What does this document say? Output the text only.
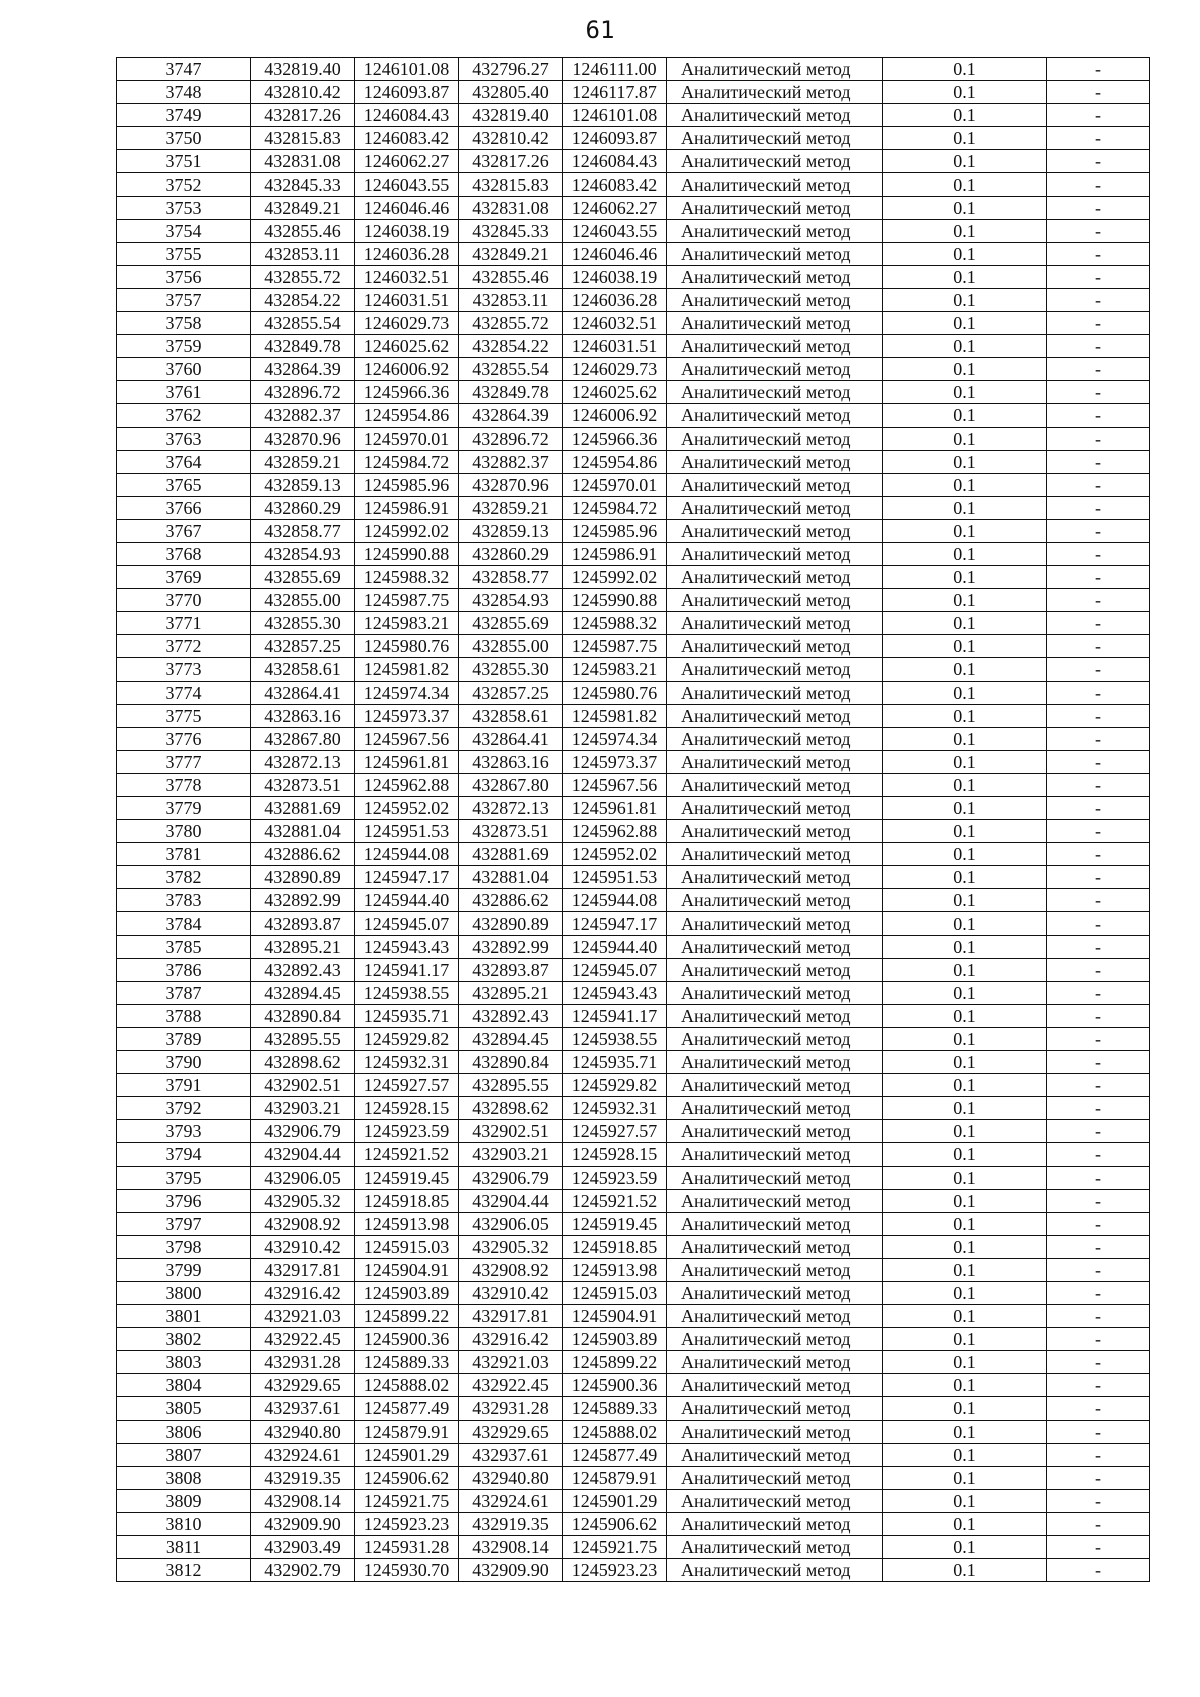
61
3747	432819.40	1246101.08	432796.27	1246111.00	Аналитический метод	0.1	-
3748	432810.42	1246093.87	432805.40	1246117.87	Аналитический метод	0.1	-
3749	432817.26	1246084.43	432819.40	1246101.08	Аналитический метод	0.1	-
3750	432815.83	1246083.42	432810.42	1246093.87	Аналитический метод	0.1	-
3751	432831.08	1246062.27	432817.26	1246084.43	Аналитический метод	0.1	-
3752	432845.33	1246043.55	432815.83	1246083.42	Аналитический метод	0.1	-
3753	432849.21	1246046.46	432831.08	1246062.27	Аналитический метод	0.1	-
3754	432855.46	1246038.19	432845.33	1246043.55	Аналитический метод	0.1	-
3755	432853.11	1246036.28	432849.21	1246046.46	Аналитический метод	0.1	-
3756	432855.72	1246032.51	432855.46	1246038.19	Аналитический метод	0.1	-
3757	432854.22	1246031.51	432853.11	1246036.28	Аналитический метод	0.1	-
3758	432855.54	1246029.73	432855.72	1246032.51	Аналитический метод	0.1	-
3759	432849.78	1246025.62	432854.22	1246031.51	Аналитический метод	0.1	-
3760	432864.39	1246006.92	432855.54	1246029.73	Аналитический метод	0.1	-
3761	432896.72	1245966.36	432849.78	1246025.62	Аналитический метод	0.1	-
3762	432882.37	1245954.86	432864.39	1246006.92	Аналитический метод	0.1	-
3763	432870.96	1245970.01	432896.72	1245966.36	Аналитический метод	0.1	-
3764	432859.21	1245984.72	432882.37	1245954.86	Аналитический метод	0.1	-
3765	432859.13	1245985.96	432870.96	1245970.01	Аналитический метод	0.1	-
3766	432860.29	1245986.91	432859.21	1245984.72	Аналитический метод	0.1	-
3767	432858.77	1245992.02	432859.13	1245985.96	Аналитический метод	0.1	-
3768	432854.93	1245990.88	432860.29	1245986.91	Аналитический метод	0.1	-
3769	432855.69	1245988.32	432858.77	1245992.02	Аналитический метод	0.1	-
3770	432855.00	1245987.75	432854.93	1245990.88	Аналитический метод	0.1	-
3771	432855.30	1245983.21	432855.69	1245988.32	Аналитический метод	0.1	-
3772	432857.25	1245980.76	432855.00	1245987.75	Аналитический метод	0.1	-
3773	432858.61	1245981.82	432855.30	1245983.21	Аналитический метод	0.1	-
3774	432864.41	1245974.34	432857.25	1245980.76	Аналитический метод	0.1	-
3775	432863.16	1245973.37	432858.61	1245981.82	Аналитический метод	0.1	-
3776	432867.80	1245967.56	432864.41	1245974.34	Аналитический метод	0.1	-
3777	432872.13	1245961.81	432863.16	1245973.37	Аналитический метод	0.1	-
3778	432873.51	1245962.88	432867.80	1245967.56	Аналитический метод	0.1	-
3779	432881.69	1245952.02	432872.13	1245961.81	Аналитический метод	0.1	-
3780	432881.04	1245951.53	432873.51	1245962.88	Аналитический метод	0.1	-
3781	432886.62	1245944.08	432881.69	1245952.02	Аналитический метод	0.1	-
3782	432890.89	1245947.17	432881.04	1245951.53	Аналитический метод	0.1	-
3783	432892.99	1245944.40	432886.62	1245944.08	Аналитический метод	0.1	-
3784	432893.87	1245945.07	432890.89	1245947.17	Аналитический метод	0.1	-
3785	432895.21	1245943.43	432892.99	1245944.40	Аналитический метод	0.1	-
3786	432892.43	1245941.17	432893.87	1245945.07	Аналитический метод	0.1	-
3787	432894.45	1245938.55	432895.21	1245943.43	Аналитический метод	0.1	-
3788	432890.84	1245935.71	432892.43	1245941.17	Аналитический метод	0.1	-
3789	432895.55	1245929.82	432894.45	1245938.55	Аналитический метод	0.1	-
3790	432898.62	1245932.31	432890.84	1245935.71	Аналитический метод	0.1	-
3791	432902.51	1245927.57	432895.55	1245929.82	Аналитический метод	0.1	-
3792	432903.21	1245928.15	432898.62	1245932.31	Аналитический метод	0.1	-
3793	432906.79	1245923.59	432902.51	1245927.57	Аналитический метод	0.1	-
3794	432904.44	1245921.52	432903.21	1245928.15	Аналитический метод	0.1	-
3795	432906.05	1245919.45	432906.79	1245923.59	Аналитический метод	0.1	-
3796	432905.32	1245918.85	432904.44	1245921.52	Аналитический метод	0.1	-
3797	432908.92	1245913.98	432906.05	1245919.45	Аналитический метод	0.1	-
3798	432910.42	1245915.03	432905.32	1245918.85	Аналитический метод	0.1	-
3799	432917.81	1245904.91	432908.92	1245913.98	Аналитический метод	0.1	-
3800	432916.42	1245903.89	432910.42	1245915.03	Аналитический метод	0.1	-
3801	432921.03	1245899.22	432917.81	1245904.91	Аналитический метод	0.1	-
3802	432922.45	1245900.36	432916.42	1245903.89	Аналитический метод	0.1	-
3803	432931.28	1245889.33	432921.03	1245899.22	Аналитический метод	0.1	-
3804	432929.65	1245888.02	432922.45	1245900.36	Аналитический метод	0.1	-
3805	432937.61	1245877.49	432931.28	1245889.33	Аналитический метод	0.1	-
3806	432940.80	1245879.91	432929.65	1245888.02	Аналитический метод	0.1	-
3807	432924.61	1245901.29	432937.61	1245877.49	Аналитический метод	0.1	-
3808	432919.35	1245906.62	432940.80	1245879.91	Аналитический метод	0.1	-
3809	432908.14	1245921.75	432924.61	1245901.29	Аналитический метод	0.1	-
3810	432909.90	1245923.23	432919.35	1245906.62	Аналитический метод	0.1	-
3811	432903.49	1245931.28	432908.14	1245921.75	Аналитический метод	0.1	-
3812	432902.79	1245930.70	432909.90	1245923.23	Аналитический метод	0.1	-
